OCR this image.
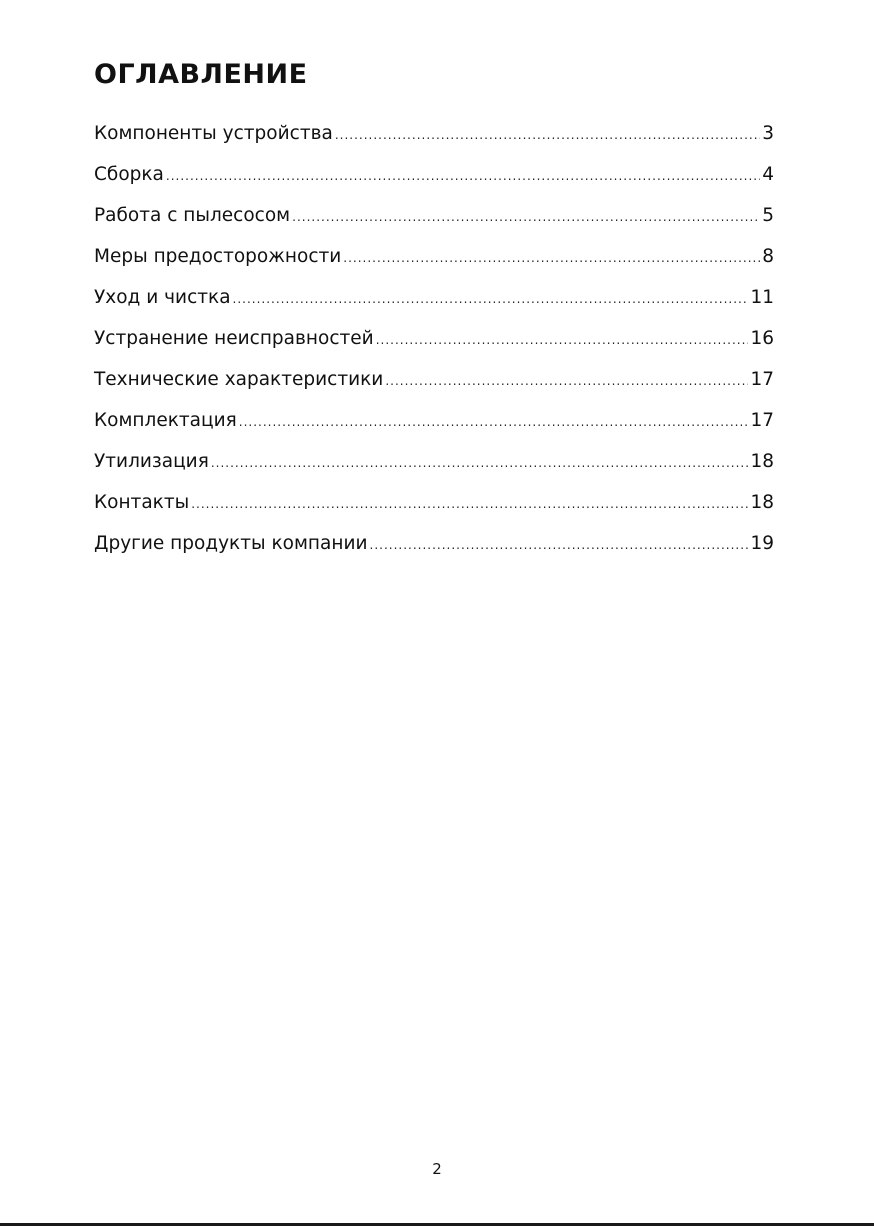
ОГЛАВЛЕНИЕ
Компоненты устройства .....	3
Сборка .....	4
Работа с пылесосом .....	5
Меры предосторожности .....	8
Уход и чистка .....	11
Устранение неисправностей .....	16
Технические характеристики .....	17
Комплектация .....	17
Утилизация .....	18
Контакты .....	18
Другие продукты компании .....	19
2
